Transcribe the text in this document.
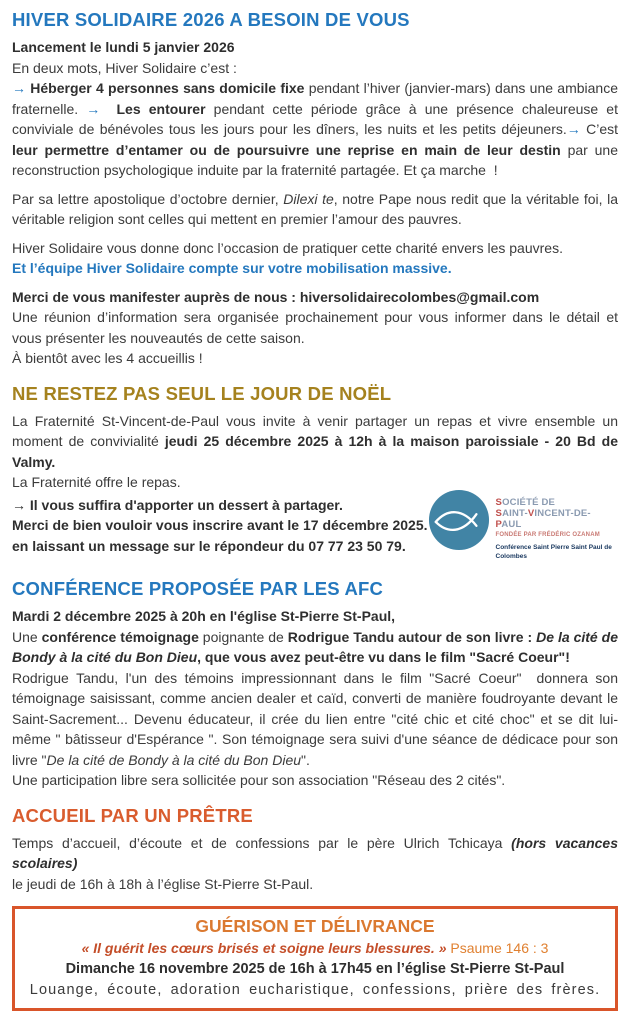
HIVER SOLIDAIRE 2026 A BESOIN DE VOUS

Lancement le lundi 5 janvier 2026

En deux mots, Hiver Solidaire c’est :

→ Héberger 4 personnes sans domicile fixe pendant l’hiver (janvier-mars) dans une ambiance fraternelle. →  Les entourer pendant cette période grâce à une présence chaleureuse et conviviale de bénévoles tous les jours pour les dîners, les nuits et les petits déjeuners.→ C’est leur permettre d’entamer ou de poursuivre une reprise en main de leur destin par une reconstruction psychologique induite par la fraternité partagée. Et ça marche  !

Par sa lettre apostolique d’octobre dernier, Dilexi te, notre Pape nous redit que la véritable foi, la véritable religion sont celles qui mettent en premier l’amour des pauvres.

Hiver Solidaire vous donne donc l’occasion de pratiquer cette charité envers les pauvres.
Et l’équipe Hiver Solidaire compte sur votre mobilisation massive.

Merci de vous manifester auprès de nous : hiversolidairecolombes@gmail.com
Une réunion d’information sera organisée prochainement pour vous informer dans le détail et vous présenter les nouveautés de cette saison.
À bientôt avec les 4 accueillis !

NE RESTEZ PAS SEUL LE JOUR DE NOËL

La Fraternité St-Vincent-de-Paul vous invite à venir partager un repas et vivre ensemble un moment de convivialité jeudi 25 décembre 2025 à 12h à la maison paroissiale - 20 Bd de Valmy.
La Fraternité offre le repas.

→ Il vous suffira d'apporter un dessert à partager.
Merci de bien vouloir vous inscrire avant le 17 décembre 2025.
en laissant un message sur le répondeur du 07 77 23 50 79.

SOCIÉTÉ DE
SAINT-VINCENT-DE-PAUL
FONDÉE PAR FRÉDÉRIC OZANAM
Conférence Saint Pierre Saint Paul de Colombes
CONFÉRENCE PROPOSÉE PAR LES AFC

Mardi 2 décembre 2025 à 20h en l'église St-Pierre St-Paul,
Une conférence témoignage poignante de Rodrigue Tandu autour de son livre : De la cité de Bondy à la cité du Bon Dieu, que vous avez peut-être vu dans le film "Sacré Coeur"!
Rodrigue Tandu, l'un des témoins impressionnant dans le film "Sacré Coeur"  donnera son témoignage saisissant, comme ancien dealer et caïd, converti de manière foudroyante devant le Saint-Sacrement... Devenu éducateur, il crée du lien entre "cité chic et cité choc" et se dit lui-même " bâtisseur d'Espérance ". Son témoignage sera suivi d'une séance de dédicace pour son livre "De la cité de Bondy à la cité du Bon Dieu".
Une participation libre sera sollicitée pour son association "Réseau des 2 cités".

ACCUEIL PAR UN PRÊTRE

Temps d’accueil, d’écoute et de confessions par le père Ulrich Tchicaya (hors vacances scolaires)
le jeudi de 16h à 18h à l’église St-Pierre St-Paul.

GUÉRISON ET DÉLIVRANCE

« Il guérit les cœurs brisés et soigne leurs blessures. » Psaume 146 : 3

Dimanche 16 novembre 2025 de 16h à 17h45 en l’église St-Pierre St-Paul

Louange, écoute, adoration eucharistique, confessions, prière des frères.
